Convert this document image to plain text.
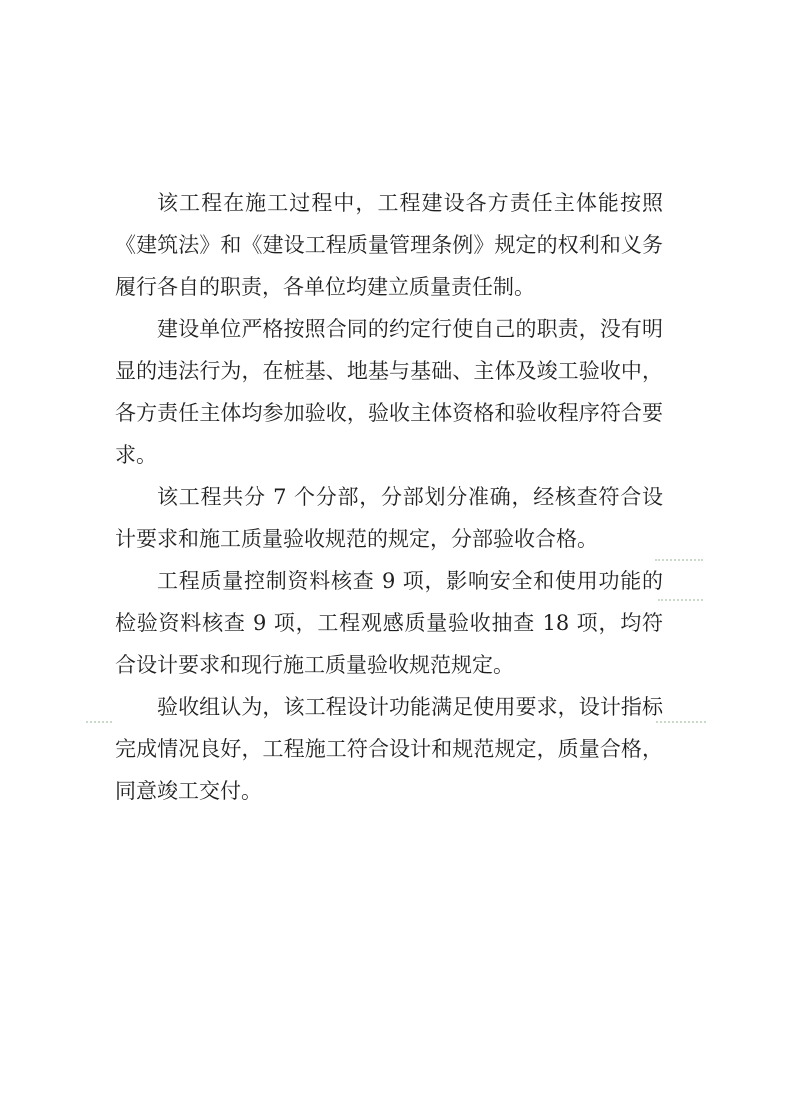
该工程在施工过程中，工程建设各方责任主体能按照《建筑法》和《建设工程质量管理条例》规定的权利和义务履行各自的职责，各单位均建立质量责任制。

建设单位严格按照合同的约定行使自己的职责，没有明显的违法行为，在桩基、地基与基础、主体及竣工验收中，各方责任主体均参加验收，验收主体资格和验收程序符合要求。

该工程共分 7 个分部，分部划分准确，经核查符合设计要求和施工质量验收规范的规定，分部验收合格。

工程质量控制资料核查 9 项，影响安全和使用功能的检验资料核查 9 项，工程观感质量验收抽查 18 项，均符合设计要求和现行施工质量验收规范规定。

验收组认为，该工程设计功能满足使用要求，设计指标完成情况良好，工程施工符合设计和规范规定，质量合格，同意竣工交付。
